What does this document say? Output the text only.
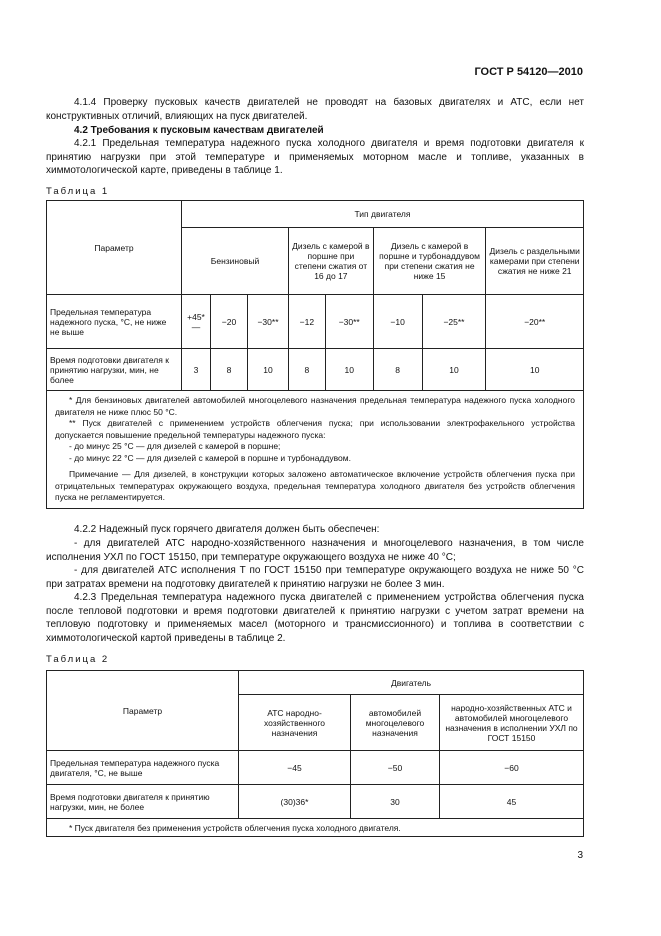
ГОСТ Р 54120—2010
4.1.4 Проверку пусковых качеств двигателей не проводят на базовых двигателях и АТС, если нет конструктивных отличий, влияющих на пуск двигателей.
4.2 Требования к пусковым качествам двигателей
4.2.1 Предельная температура надежного пуска холодного двигателя и время подготовки двигателя к принятию нагрузки при этой температуре и применяемых моторном масле и топливе, указанных в химмотологической карте, приведены в таблице 1.
Таблица 1
Параметр	Тип двигателя							
	Бензиновый			Дизель с камерой в поршне при степени сжатия от 16 до 17		Дизель с камерой в поршне и турбонаддувом при степени сжатия не ниже 15		Дизель с раздельными камерами при степени сжатия не ниже 21
Предельная температура надежного пуска, °С, не ниже не выше	+45* —	−20	−30**	−12	−30**	−10	−25**	−20**
Время подготовки двигателя к принятию нагрузки, мин, не более	3	8	10	8	10	8	10	10

* Для бензиновых двигателей автомобилей многоцелевого назначения предельная температура надежного пуска холодного двигателя не ниже плюс 50 °С.
** Пуск двигателей с применением устройств облегчения пуска; при использовании электрофакельного устройства допускается повышение предельной температуры надежного пуска:
- до минус 25 °С — для дизелей с камерой в поршне;
- до минус 22 °С — для дизелей с камерой в поршне и турбонаддувом.
Примечание — Для дизелей, в конструкции которых заложено автоматическое включение устройств облегчения пуска при отрицательных температурах окружающего воздуха, предельная температура холодного двигателя без устройств облегчения пуска не регламентируется.								
4.2.2 Надежный пуск горячего двигателя должен быть обеспечен:
- для двигателей АТС народно-хозяйственного назначения и многоцелевого назначения, в том числе исполнения УХЛ по ГОСТ 15150, при температуре окружающего воздуха не ниже 40 °С;
- для двигателей АТС исполнения Т по ГОСТ 15150 при температуре окружающего воздуха не ниже 50 °С при затратах времени на подготовку двигателей к принятию нагрузки не более 3 мин.
4.2.3 Предельная температура надежного пуска двигателей с применением устройства облегчения пуска после тепловой подготовки и время подготовки двигателей к принятию нагрузки с учетом затрат времени на тепловую подготовку и применяемых масел (моторного и трансмиссионного) и топлива в соответствии с химмотологической картой приведены в таблице 2.
Таблица 2
Параметр	Двигатель		
	АТС народно-хозяйственного назначения	автомобилей многоцелевого назначения	народно-хозяйственных АТС и автомобилей многоцелевого назначения в исполнении УХЛ по ГОСТ 15150
Предельная температура надежного пуска двигателя, °С, не выше	−45	−50	−60
Время подготовки двигателя к принятию нагрузки, мин, не более	(30)36*	30	45
* Пуск двигателя без применения устройств облегчения пуска холодного двигателя.			
3
